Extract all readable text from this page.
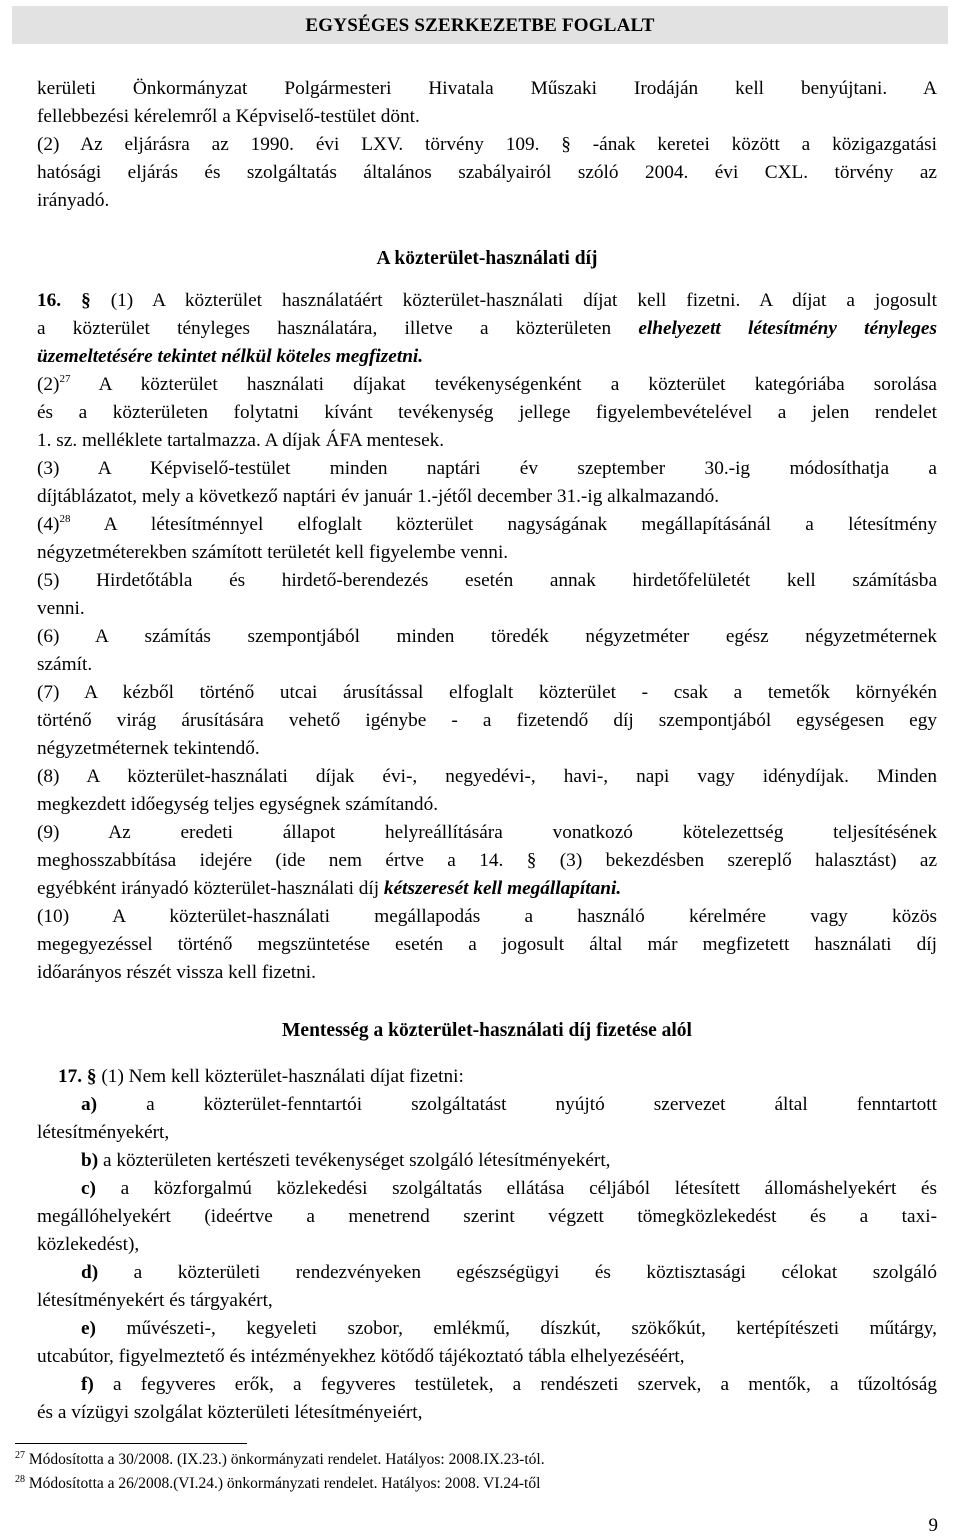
EGYSÉGES SZERKEZETBE FOGLALT
kerületi Önkormányzat Polgármesteri Hivatala Műszaki Irodáján kell benyújtani. A
fellebbezési kérelemről a Képviselő-testület dönt.
(2) Az eljárásra az 1990. évi LXV. törvény 109. § -ának keretei között a közigazgatási
hatósági eljárás és szolgáltatás általános szabályairól szóló 2004. évi CXL. törvény az
irányadó.
A közterület-használati díj
16. § (1) A közterület használatáért közterület-használati díjat kell fizetni. A díjat a jogosult
a közterület tényleges használatára, illetve a közterületen elhelyezett létesítmény tényleges
üzemeltetésére tekintet nélkül köteles megfizetni.
$(2)^{27}$ A közterület használati díjakat tevékenységenként a közterület kategóriába sorolása
és a közterületen folytatni kívánt tevékenység jellege figyelembevételével a jelen rendelet
1. sz. melléklete tartalmazza. A díjak ÁFA mentesek.
(3) A Képviselő-testület minden naptári év szeptember 30.-ig módosíthatja a
díjtáblázatot, mely a következő naptári év január 1.-jétől december 31.-ig alkalmazandó.
$(4)^{28}$ A létesítménnyel elfoglalt közterület nagyságának megállapításánál a létesítmény
négyzetméterekben számított területét kell figyelembe venni.
(5) Hirdetőtábla és hirdető-berendezés esetén annak hirdetőfelületét kell számításba
venni.
(6) A számítás szempontjából minden töredék négyzetméter egész négyzetméternek
számít.
(7) A kézből történő utcai árusítással elfoglalt közterület - csak a temetők környékén
történő virág árusítására vehető igénybe - a fizetendő díj szempontjából egységesen egy
négyzetméternek tekintendő.
(8) A közterület-használati díjak évi-, negyedévi-, havi-, napi vagy idénydíjak. Minden
megkezdett időegység teljes egységnek számítandó.
(9) Az eredeti állapot helyreállítására vonatkozó kötelezettség teljesítésének
meghosszabbítása idejére (ide nem értve a 14. § (3) bekezdésben szereplő halasztást) az
egyébként irányadó közterület-használati díj kétszeresét kell megállapítani.
(10) A közterület-használati megállapodás a használó kérelmére vagy közös
megegyezéssel történő megszüntetése esetén a jogosult által már megfizetett használati díj
időarányos részét vissza kell fizetni.
Mentesség a közterület-használati díj fizetése alól
17. § (1) Nem kell közterület-használati díjat fizetni:
a) a közterület-fenntartói szolgáltatást nyújtó szervezet által fenntartott
létesítményekért,
b) a közterületen kertészeti tevékenységet szolgáló létesítményekért,
c) a közforgalmú közlekedési szolgáltatás ellátása céljából létesített állomáshelyekért és
megállóhelyekért (ideértve a menetrend szerint végzett tömegközlekedést és a taxi-
közlekedést),
d) a közterületi rendezvényeken egészségügyi és köztisztasági célokat szolgáló
létesítményekért és tárgyakért,
e) művészeti-, kegyeleti szobor, emlékmű, díszkút, szökőkút, kertépítészeti műtárgy,
utcabútor, figyelmeztető és intézményekhez kötődő tájékoztató tábla elhelyezéséért,
f) a fegyveres erők, a fegyveres testületek, a rendészeti szervek, a mentők, a tűzoltóság
és a vízügyi szolgálat közterületi létesítményeiért,
$^{27}$ Módosította a 30/2008. (IX.23.) önkormányzati rendelet. Hatályos: 2008.IX.23-tól.
$^{28}$ Módosította a 26/2008.(VI.24.) önkormányzati rendelet. Hatályos: 2008. VI.24-től
9
